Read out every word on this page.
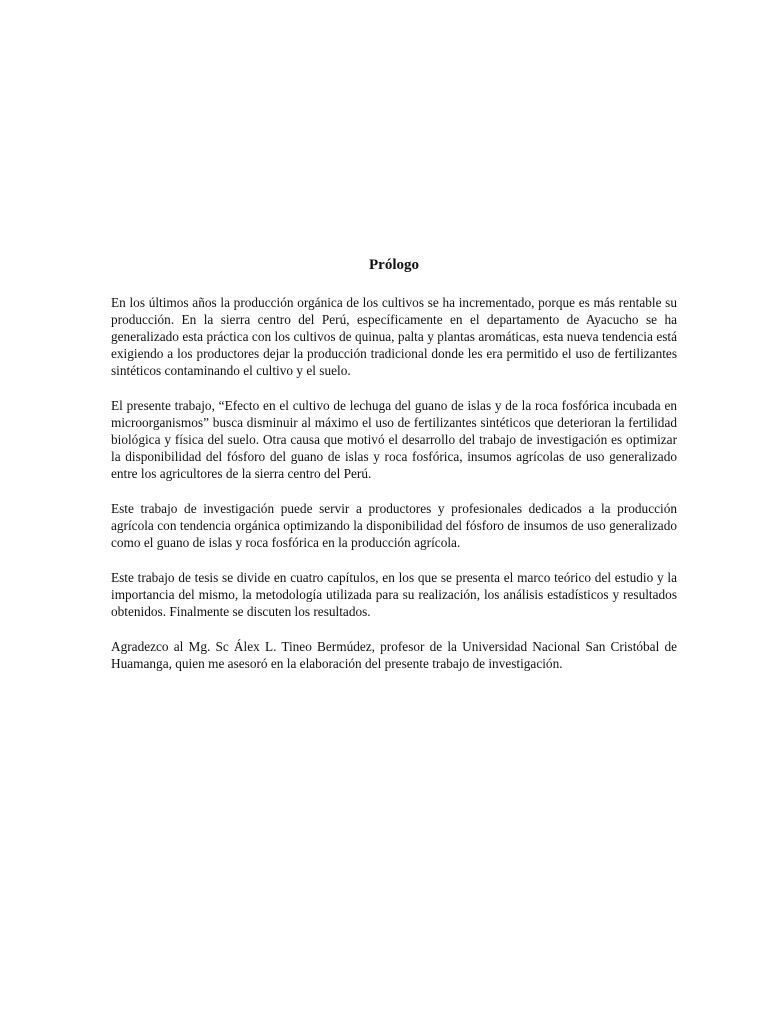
Prólogo

En los últimos años la producción orgánica de los cultivos se ha incrementado, porque es más rentable su producción. En la sierra centro del Perú, específicamente en el departamento de Ayacucho se ha generalizado esta práctica con los cultivos de quinua, palta y plantas aromáticas, esta nueva tendencia está exigiendo a los productores dejar la producción tradicional donde les era permitido el uso de fertilizantes sintéticos contaminando el cultivo y el suelo.

El presente trabajo, “Efecto en el cultivo de lechuga del guano de islas y de la roca fosfórica incubada en microorganismos” busca disminuir al máximo el uso de fertilizantes sintéticos que deterioran la fertilidad biológica y física del suelo. Otra causa que motivó el desarrollo del trabajo de investigación es optimizar la disponibilidad del fósforo del guano de islas y roca fosfórica, insumos agrícolas de uso generalizado entre los agricultores de la sierra centro del Perú.

Este trabajo de investigación puede servir a productores y profesionales dedicados a la producción agrícola con tendencia orgánica optimizando la disponibilidad del fósforo de insumos de uso generalizado como el guano de islas y roca fosfórica en la producción agrícola.

Este trabajo de tesis se divide en cuatro capítulos, en los que se presenta el marco teórico del estudio y la importancia del mismo, la metodología utilizada para su realización, los análisis estadísticos y resultados obtenidos. Finalmente se discuten los resultados.

Agradezco al Mg. Sc Álex L. Tineo Bermúdez, profesor de la Universidad Nacional San Cristóbal de Huamanga, quien me asesoró en la elaboración del presente trabajo de investigación.
